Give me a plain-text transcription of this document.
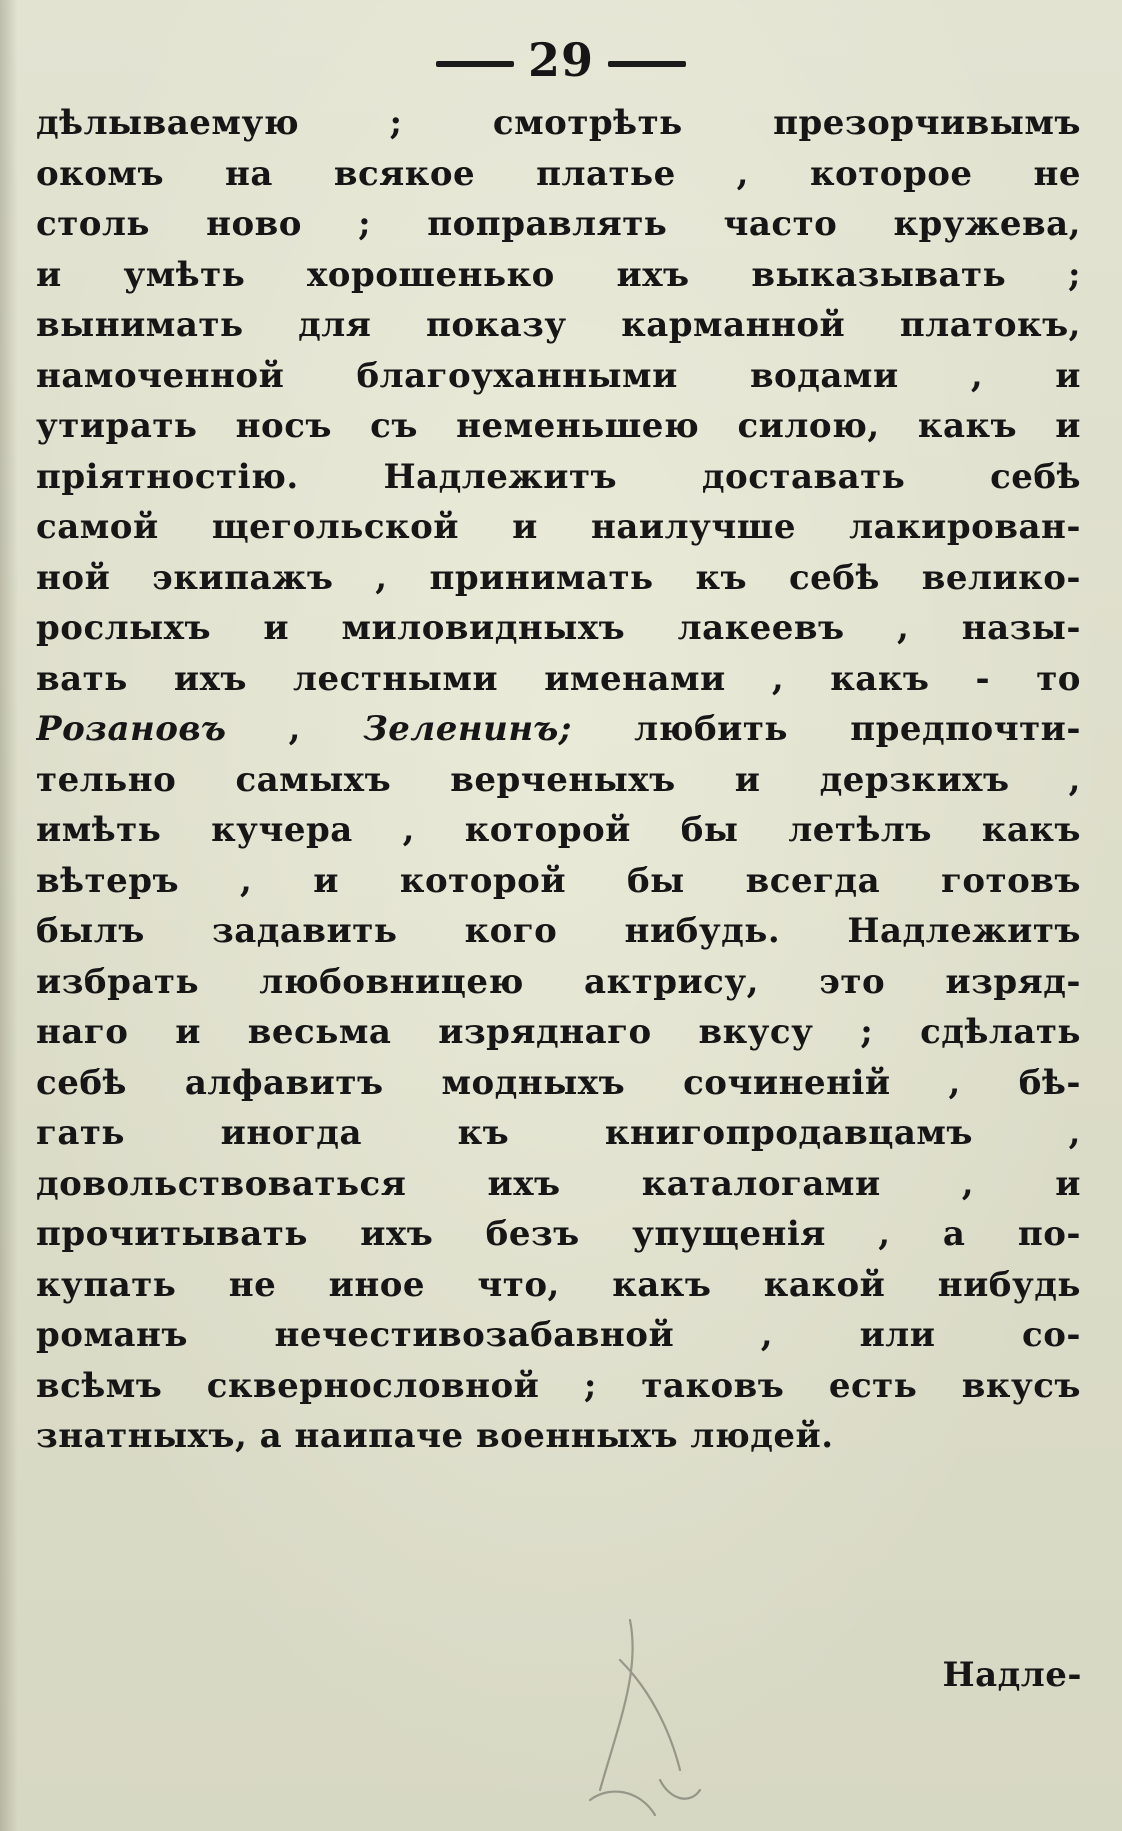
29
дѣлываемую ; смотрѣть презорчивымъ
окомъ на всякое платье , которое не
столь ново ; поправлять часто кружева,
и умѣть хорошенько ихъ выказывать ;
вынимать для показу карманной платокъ,
намоченной благоуханными водами , и
утирать носъ съ неменьшею силою, какъ и
пріятностію. Надлежитъ доставать себѣ
самой щегольской и наилучше лакирован-
ной экипажъ , принимать къ себѣ велико-
рослыхъ и миловидныхъ лакеевъ , назы-
вать ихъ лестными именами , какъ - то
Розановъ , Зеленинъ; любить предпочти-
тельно самыхъ верченыхъ и дерзкихъ ,
имѣть кучера , которой бы летѣлъ какъ
вѣтеръ , и которой бы всегда готовъ
былъ задавить кого нибудь. Надлежитъ
избрать любовницею актрису, это изряд-
наго и весьма изряднаго вкусу ; сдѣлать
себѣ алфавитъ модныхъ сочиненій , бѣ-
гать иногда къ книгопродавцамъ ,
довольствоваться ихъ каталогами , и
прочитывать ихъ безъ упущенія , а по-
купать не иное что, какъ какой нибудь
романъ нечестивозабавной , или со-
всѣмъ сквернословной ; таковъ есть вкусъ
знатныхъ, а наипаче военныхъ людей.
Надле-
